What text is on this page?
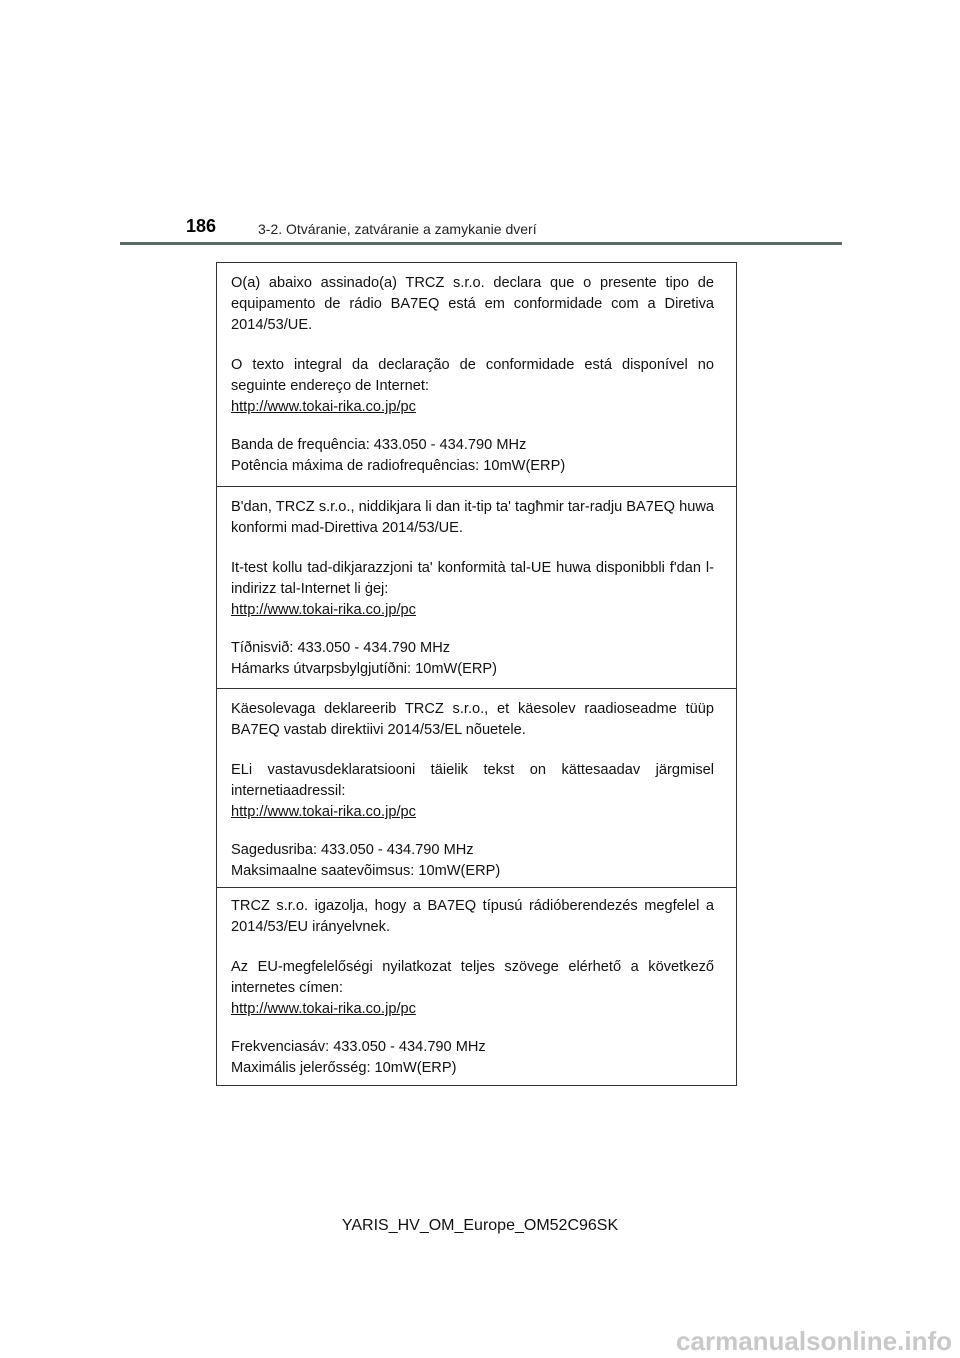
186	3-2. Otváranie, zatváranie a zamykanie dverí

O(a) abaixo assinado(a) TRCZ s.r.o. declara que o presente tipo de equipamento de rádio BA7EQ está em conformidade com a Diretiva 2014/53/UE.

O texto integral da declaração de conformidade está disponível no seguinte endereço de Internet:

http://www.tokai-rika.co.jp/pc

Banda de frequência: 433.050 - 434.790 MHz

Potência máxima de radiofrequências: 10mW(ERP)

B'dan, TRCZ s.r.o., niddikjara li dan it-tip ta' tagħmir tar-radju BA7EQ huwa konformi mad-Direttiva 2014/53/UE.

It-test kollu tad-dikjarazzjoni ta' konformità tal-UE huwa disponibbli f'dan l-indirizz tal-Internet li ġej:

http://www.tokai-rika.co.jp/pc

Tíðnisvið: 433.050 - 434.790 MHz

Hámarks útvarpsbylgjutíðni: 10mW(ERP)

Käesolevaga deklareerib TRCZ s.r.o., et käesolev raadioseadme tüüp BA7EQ vastab direktiivi 2014/53/EL nõuetele.

ELi vastavusdeklaratsiooni täielik tekst on kättesaadav järgmisel internetiaadressil:

http://www.tokai-rika.co.jp/pc

Sagedusriba: 433.050 - 434.790 MHz

Maksimaalne saatevõimsus: 10mW(ERP)

TRCZ s.r.o. igazolja, hogy a BA7EQ típusú rádióberendezés megfelel a 2014/53/EU irányelvnek.

Az EU-megfelelőségi nyilatkozat teljes szövege elérhető a következő internetes címen:

http://www.tokai-rika.co.jp/pc

Frekvenciasáv: 433.050 - 434.790 MHz

Maximális jelerősség: 10mW(ERP)

YARIS_HV_OM_Europe_OM52C96SK
carmanualsonline.info
